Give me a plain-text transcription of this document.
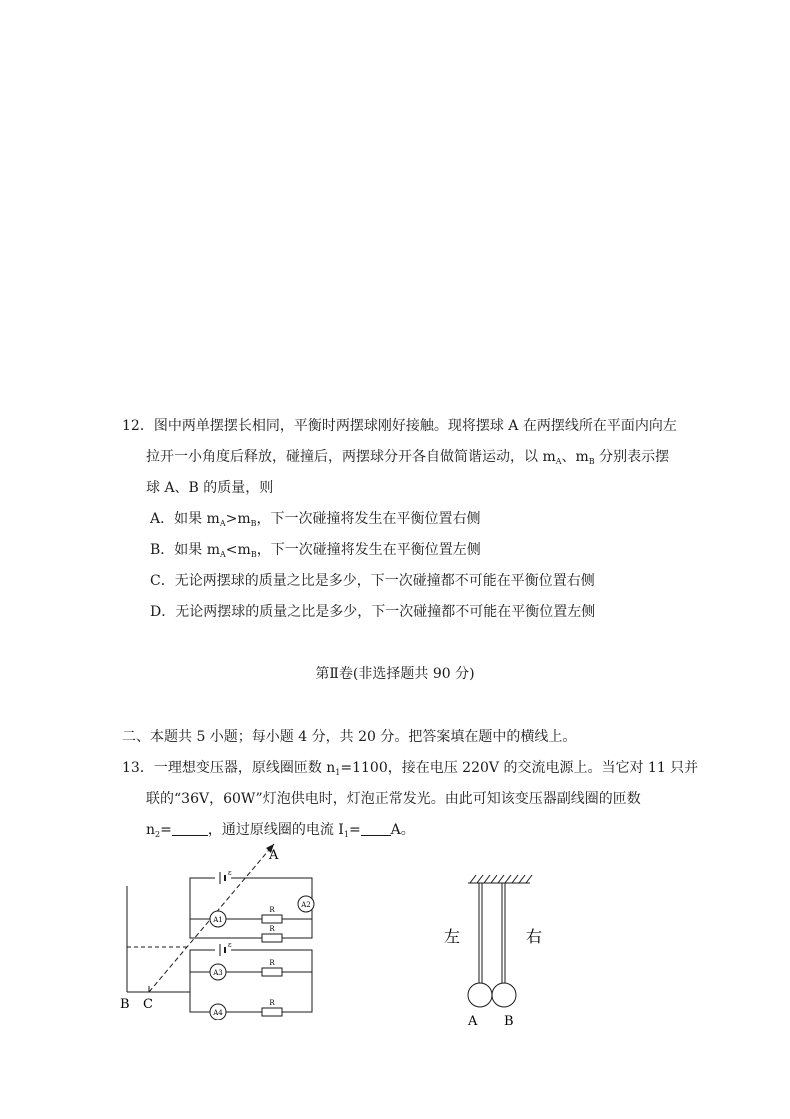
12．图中两单摆摆长相同，平衡时两摆球刚好接触。现将摆球 A 在两摆线所在平面内向左
拉开一小角度后释放，碰撞后，两摆球分开各自做简谐运动，以 $m_A$、$m_B$ 分别表示摆
球 A、B 的质量，则
A．如果 $m_A>m_B$，下一次碰撞将发生在平衡位置右侧
B．如果 $m_A<m_B$，下一次碰撞将发生在平衡位置左侧
C．无论两摆球的质量之比是多少，下一次碰撞都不可能在平衡位置右侧
D．无论两摆球的质量之比是多少，下一次碰撞都不可能在平衡位置左侧
第Ⅱ卷(非选择题共 90 分)
二、本题共 5 小题；每小题 4 分，共 20 分。把答案填在题中的横线上。
13．一理想变压器，原线圈匝数 $n_1=1100$，接在电压 220V 的交流电源上。当它对 11 只并
联的“36V，60W”灯泡供电时，灯泡正常发光。由此可知该变压器副线圈的匝数
$n_2=$	，通过原线圈的电流 $I_1= A$。
ε
ε
A2
A1
A3
A4
R
R
R
R
A
B C
左	右
A B
